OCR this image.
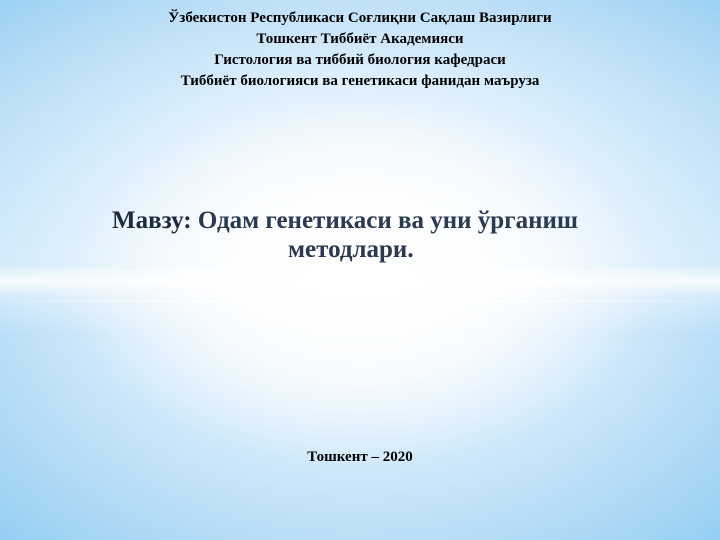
Ўзбекистон Республикаси Соғлиқни Сақлаш Вазирлиги
Тошкент Тиббиёт Академияси
Гистология ва тиббий биология кафедраси
Тиббиёт биологияси ва генетикаси фанидан маъруза
Мавзу: Одам генетикаси ва уни ўрганиш
методлари.
Тошкент – 2020
